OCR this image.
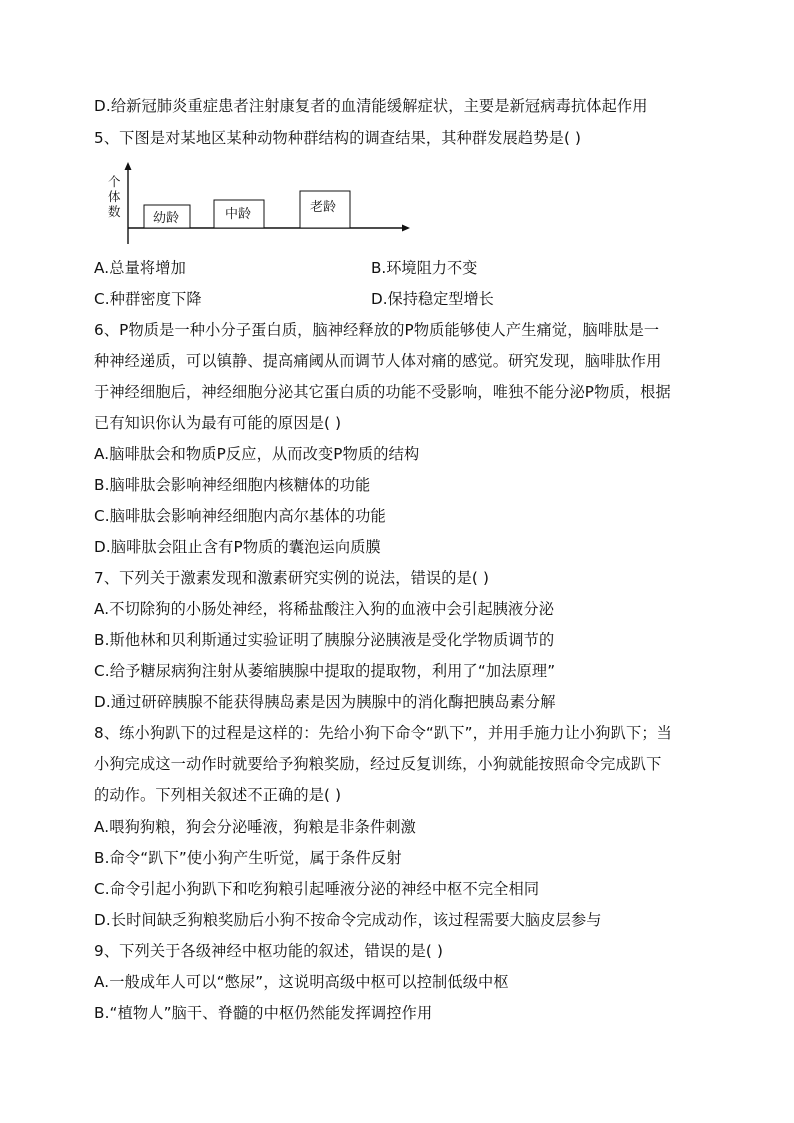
D.给新冠肺炎重症患者注射康复者的血清能缓解症状，主要是新冠病毒抗体起作用
5、下图是对某地区某种动物种群结构的调查结果，其种群发展趋势是( )
个
体
数 幼龄	中龄	老龄
A.总量将增加	B.环境阻力不变
C.种群密度下降	D.保持稳定型增长
6、P物质是一种小分子蛋白质，脑神经释放的P物质能够使人产生痛觉，脑啡肽是一
种神经递质，可以镇静、提高痛阈从而调节人体对痛的感觉。研究发现，脑啡肽作用
于神经细胞后，神经细胞分泌其它蛋白质的功能不受影响，唯独不能分泌P物质，根据
已有知识你认为最有可能的原因是( )
A.脑啡肽会和物质P反应，从而改变P物质的结构
B.脑啡肽会影响神经细胞内核糖体的功能
C.脑啡肽会影响神经细胞内高尔基体的功能
D.脑啡肽会阻止含有P物质的囊泡运向质膜
7、下列关于激素发现和激素研究实例的说法，错误的是( )
A.不切除狗的小肠处神经，将稀盐酸注入狗的血液中会引起胰液分泌
B.斯他林和贝利斯通过实验证明了胰腺分泌胰液是受化学物质调节的
C.给予糖尿病狗注射从萎缩胰腺中提取的提取物，利用了“加法原理”
D.通过研碎胰腺不能获得胰岛素是因为胰腺中的消化酶把胰岛素分解
8、练小狗趴下的过程是这样的：先给小狗下命令“趴下”，并用手施力让小狗趴下；当
小狗完成这一动作时就要给予狗粮奖励，经过反复训练，小狗就能按照命令完成趴下
的动作。下列相关叙述不正确的是( )
A.喂狗狗粮，狗会分泌唾液，狗粮是非条件刺激
B.命令“趴下”使小狗产生听觉，属于条件反射
C.命令引起小狗趴下和吃狗粮引起唾液分泌的神经中枢不完全相同
D.长时间缺乏狗粮奖励后小狗不按命令完成动作，该过程需要大脑皮层参与
9、下列关于各级神经中枢功能的叙述，错误的是( )
A.一般成年人可以“憋尿”，这说明高级中枢可以控制低级中枢
B.“植物人”脑干、脊髓的中枢仍然能发挥调控作用
